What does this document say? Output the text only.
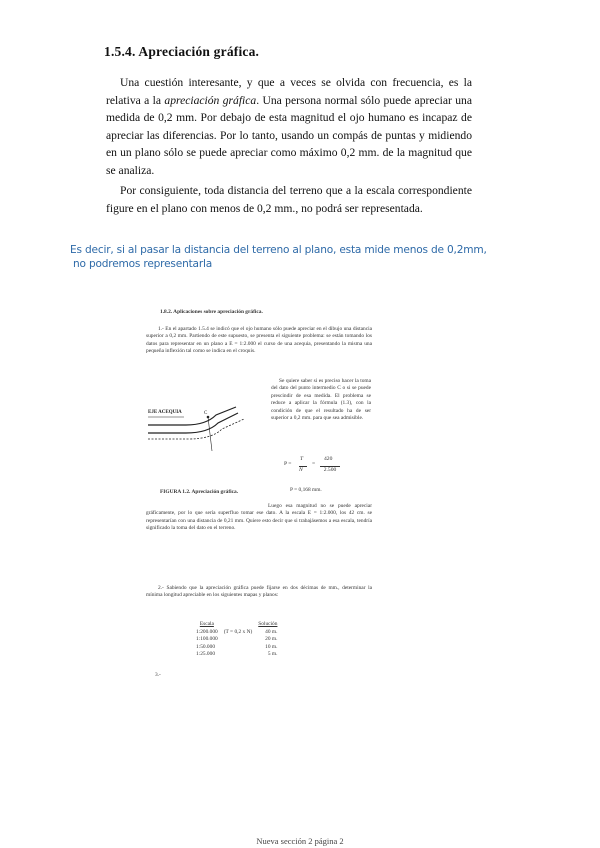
1.5.4. Apreciación gráfica.
Una cuestión interesante, y que a veces se olvida con frecuencia, es la relativa a la apreciación gráfica. Una persona normal sólo puede apreciar una medida de 0,2 mm. Por debajo de esta magnitud el ojo humano es incapaz de apreciar las diferencias. Por lo tanto, usando un compás de puntas y midiendo en un plano sólo se puede apreciar como máximo 0,2 mm. de la magnitud que se analiza.
Por consiguiente, toda distancia del terreno que a la escala correspondiente figure en el plano con menos de 0,2 mm., no podrá ser representada.
Es decir, si al pasar la distancia del terreno al plano, esta mide menos de 0,2mm,
no podremos representarla
1.8.2. Aplicaciones sobre apreciación gráfica.
1.- En el apartado 1.5.4 se indicó que el ojo humano sólo puede apreciar en el dibujo una distancia superior a 0,2 mm. Partiendo de este supuesto, se presenta el siguiente problema: se están tomando los datos para representar en un plano a E = 1:2.000 el curso de una acequia, presentando la misma una pequeña inflexión tal como se indica en el croquis.
Se quiere saber si es preciso hacer la toma del dato del punto intermedio C o si se puede prescindir de esa medida. El problema se reduce a aplicar la fórmula (1.3), con la condición de que el resultado ha de ser superior a 0,2 mm. para que sea admisible.
EJE ACEQUIA	C
P =
T
N
=
420
2.500
P = 0,168 mm.
FIGURA 1.2. Apreciación gráfica.
Luego esa magnitud no se puede apreciar gráficamente, por lo que sería superfluo tomar ese dato. A la escala E = 1:2.000, los 42 cm. se representarían con una distancia de 0,21 mm. Quiere esto decir que si trabajásemos a esa escala, tendría significado la toma del dato en el terreno.
2.- Sabiendo que la apreciación gráfica puede fijarse en dos décimas de mm., determinar la mínima longitud apreciable en los siguientes mapas y planos:
Escala		Solución
1:200.000	(T = 0,2 x N)	40 m.
1:100.000		20 m.
1:50.000		10 m.
1:25.000		5 m.
3.-
Nueva sección 2 página 2
